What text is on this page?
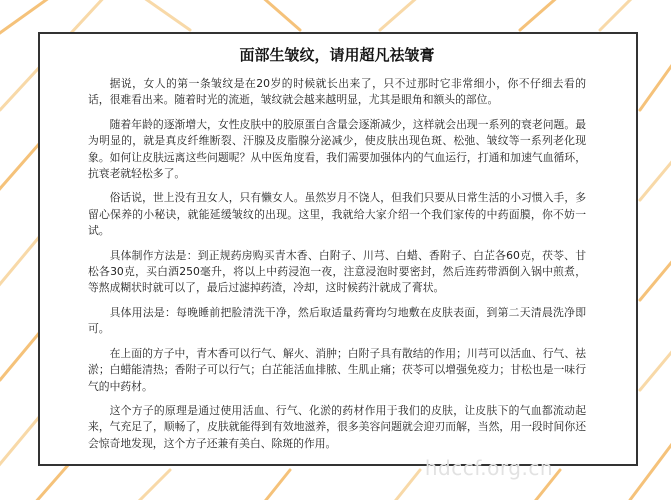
面部生皱纹，请用超凡祛皱膏

据说，女人的第一条皱纹是在20岁的时候就长出来了，只不过那时它非常细小，你不仔细去看的话，很难看出来。随着时光的流逝，皱纹就会越来越明显，尤其是眼角和额头的部位。

随着年龄的逐渐增大，女性皮肤中的胶原蛋白含量会逐渐减少，这样就会出现一系列的衰老问题。最为明显的，就是真皮纤维断裂、汗腺及皮脂腺分泌减少，使皮肤出现色斑、松弛、皱纹等一系列老化现象。如何让皮肤远离这些问题呢？从中医角度看，我们需要加强体内的气血运行，打通和加速气血循环，抗衰老就轻松多了。

俗话说，世上没有丑女人，只有懒女人。虽然岁月不饶人，但我们只要从日常生活的小习惯入手，多留心保养的小秘诀，就能延缓皱纹的出现。这里，我就给大家介绍一个我们家传的中药面膜，你不妨一试。

具体制作方法是：到正规药房购买青木香、白附子、川芎、白蜡、香附子、白芷各60克，茯苓、甘松各30克，买白酒250毫升，将以上中药浸泡一夜，注意浸泡时要密封，然后连药带酒倒入锅中煎煮，等熬成糊状时就可以了，最后过滤掉药渣，冷却，这时候药汁就成了膏状。

具体用法是：每晚睡前把脸清洗干净，然后取适量药膏均匀地敷在皮肤表面，到第二天清晨洗净即可。

在上面的方子中，青木香可以行气、解火、消肿；白附子具有散结的作用；川芎可以活血、行气、祛淤；白蜡能清热；香附子可以行气；白芷能活血排脓、生肌止痛；茯苓可以增强免疫力；甘松也是一味行气的中药材。

这个方子的原理是通过使用活血、行气、化淤的药材作用于我们的皮肤，让皮肤下的气血都流动起来，气充足了，顺畅了，皮肤就能得到有效地滋养，很多美容问题就会迎刃而解，当然，用一段时间你还会惊奇地发现，这个方子还兼有美白、除斑的作用。

hdccf.org.cn
